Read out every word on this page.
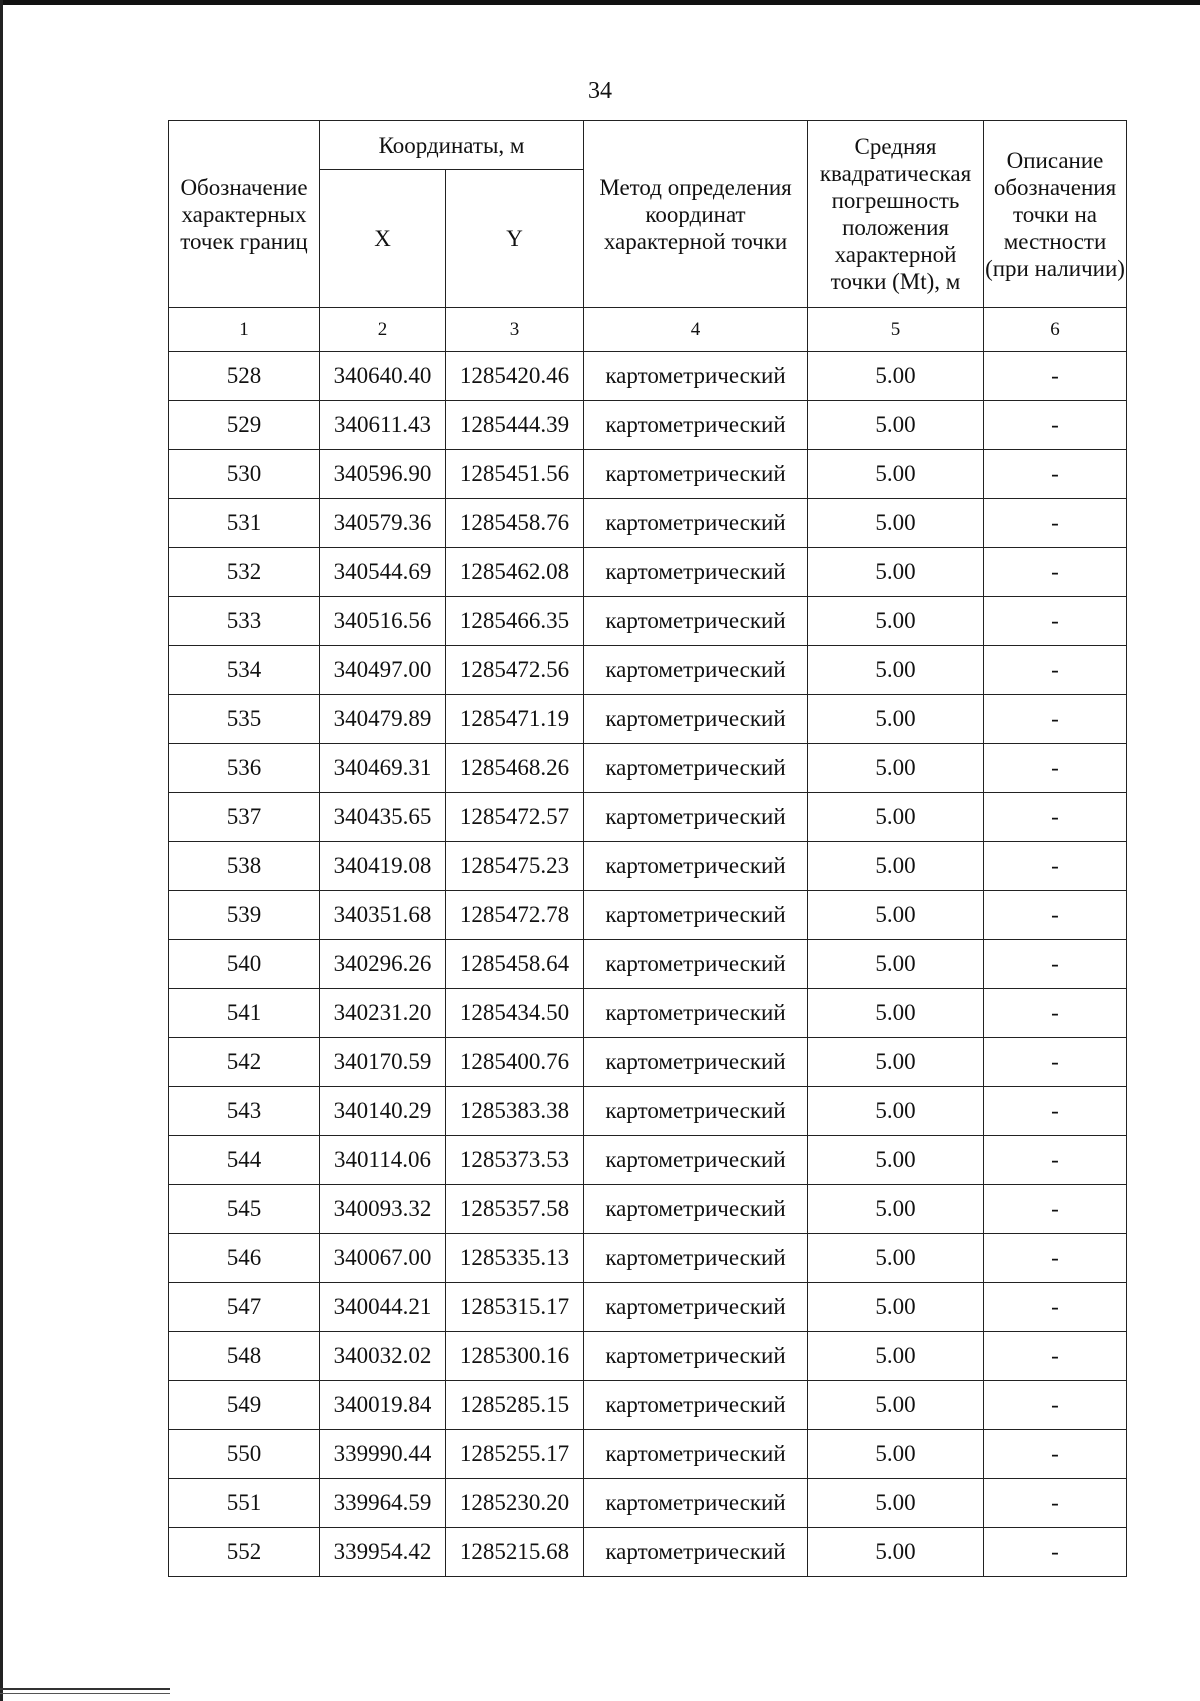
34
Обозначение характерных точек границ	Координаты, м		Метод определения координат характерной точки	Средняя квадратическая погрешность положения характерной точки (Mt), м	Описание обозначения точки на местности (при наличии)
	X	Y			
1	2	3	4	5	6
528	340640.40	1285420.46	картометрический	5.00	-
529	340611.43	1285444.39	картометрический	5.00	-
530	340596.90	1285451.56	картометрический	5.00	-
531	340579.36	1285458.76	картометрический	5.00	-
532	340544.69	1285462.08	картометрический	5.00	-
533	340516.56	1285466.35	картометрический	5.00	-
534	340497.00	1285472.56	картометрический	5.00	-
535	340479.89	1285471.19	картометрический	5.00	-
536	340469.31	1285468.26	картометрический	5.00	-
537	340435.65	1285472.57	картометрический	5.00	-
538	340419.08	1285475.23	картометрический	5.00	-
539	340351.68	1285472.78	картометрический	5.00	-
540	340296.26	1285458.64	картометрический	5.00	-
541	340231.20	1285434.50	картометрический	5.00	-
542	340170.59	1285400.76	картометрический	5.00	-
543	340140.29	1285383.38	картометрический	5.00	-
544	340114.06	1285373.53	картометрический	5.00	-
545	340093.32	1285357.58	картометрический	5.00	-
546	340067.00	1285335.13	картометрический	5.00	-
547	340044.21	1285315.17	картометрический	5.00	-
548	340032.02	1285300.16	картометрический	5.00	-
549	340019.84	1285285.15	картометрический	5.00	-
550	339990.44	1285255.17	картометрический	5.00	-
551	339964.59	1285230.20	картометрический	5.00	-
552	339954.42	1285215.68	картометрический	5.00	-
